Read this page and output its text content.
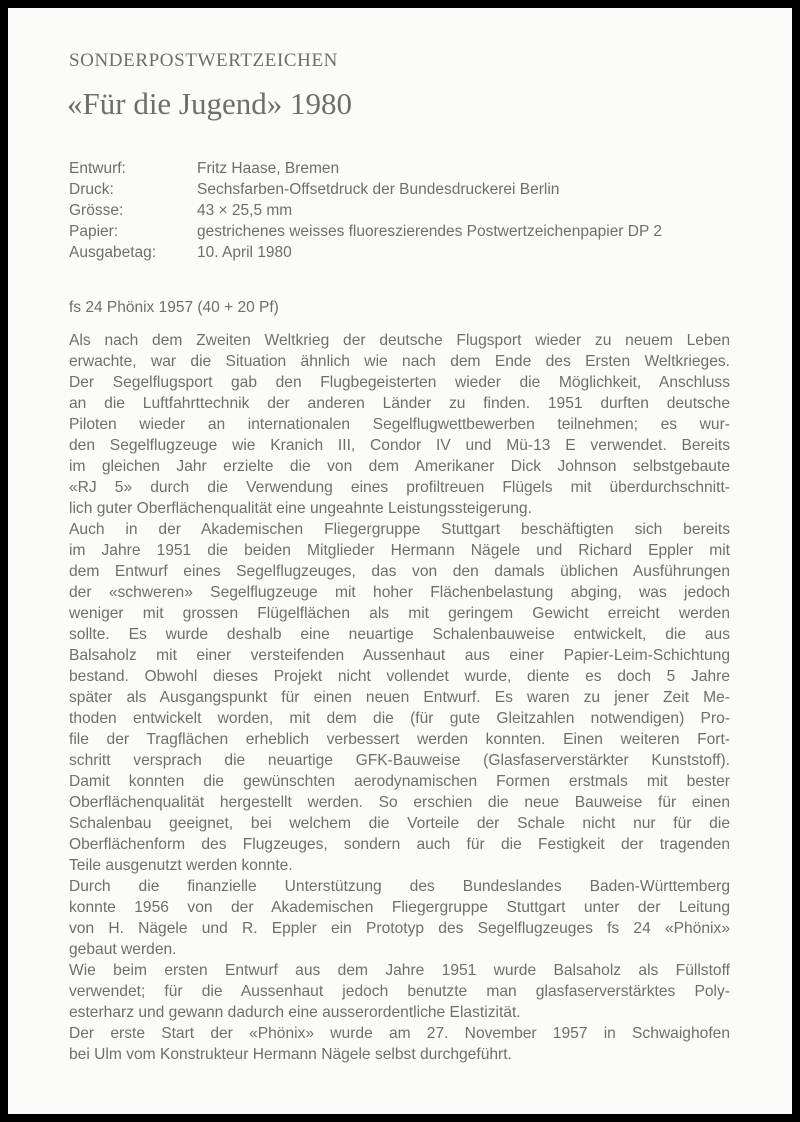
SONDERPOSTWERTZEICHEN
«Für die Jugend» 1980
Entwurf:	Fritz Haase, Bremen
Druck:	Sechsfarben-Offsetdruck der Bundesdruckerei Berlin
Grösse:	43 × 25,5 mm
Papier:	gestrichenes weisses fluoreszierendes Postwertzeichenpapier DP 2
Ausgabetag:	10. April 1980
fs 24 Phönix 1957 (40 + 20 Pf)
Als nach dem Zweiten Weltkrieg der deutsche Flugsport wieder zu neuem Leben
erwachte, war die Situation ähnlich wie nach dem Ende des Ersten Weltkrieges.
Der Segelflugsport gab den Flugbegeisterten wieder die Möglichkeit, Anschluss
an die Luftfahrttechnik der anderen Länder zu finden. 1951 durften deutsche
Piloten wieder an internationalen Segelflugwettbewerben teilnehmen; es wur-
den Segelflugzeuge wie Kranich III, Condor IV und Mü-13 E verwendet. Bereits
im gleichen Jahr erzielte die von dem Amerikaner Dick Johnson selbstgebaute
«RJ 5» durch die Verwendung eines profiltreuen Flügels mit überdurchschnitt-
lich guter Oberflächenqualität eine ungeahnte Leistungssteigerung.
Auch in der Akademischen Fliegergruppe Stuttgart beschäftigten sich bereits
im Jahre 1951 die beiden Mitglieder Hermann Nägele und Richard Eppler mit
dem Entwurf eines Segelflugzeuges, das von den damals üblichen Ausführungen
der «schweren» Segelflugzeuge mit hoher Flächenbelastung abging, was jedoch
weniger mit grossen Flügelflächen als mit geringem Gewicht erreicht werden
sollte. Es wurde deshalb eine neuartige Schalenbauweise entwickelt, die aus
Balsaholz mit einer versteifenden Aussenhaut aus einer Papier-Leim-Schichtung
bestand. Obwohl dieses Projekt nicht vollendet wurde, diente es doch 5 Jahre
später als Ausgangspunkt für einen neuen Entwurf. Es waren zu jener Zeit Me-
thoden entwickelt worden, mit dem die (für gute Gleitzahlen notwendigen) Pro-
file der Tragflächen erheblich verbessert werden konnten. Einen weiteren Fort-
schritt versprach die neuartige GFK-Bauweise (Glasfaserverstärkter Kunststoff).
Damit konnten die gewünschten aerodynamischen Formen erstmals mit bester
Oberflächenqualität hergestellt werden. So erschien die neue Bauweise für einen
Schalenbau geeignet, bei welchem die Vorteile der Schale nicht nur für die
Oberflächenform des Flugzeuges, sondern auch für die Festigkeit der tragenden
Teile ausgenutzt werden konnte.
Durch die finanzielle Unterstützung des Bundeslandes Baden-Württemberg
konnte 1956 von der Akademischen Fliegergruppe Stuttgart unter der Leitung
von H. Nägele und R. Eppler ein Prototyp des Segelflugzeuges fs 24 «Phönix»
gebaut werden.
Wie beim ersten Entwurf aus dem Jahre 1951 wurde Balsaholz als Füllstoff
verwendet; für die Aussenhaut jedoch benutzte man glasfaserverstärktes Poly-
esterharz und gewann dadurch eine ausserordentliche Elastizität.
Der erste Start der «Phönix» wurde am 27. November 1957 in Schwaighofen
bei Ulm vom Konstrukteur Hermann Nägele selbst durchgeführt.
